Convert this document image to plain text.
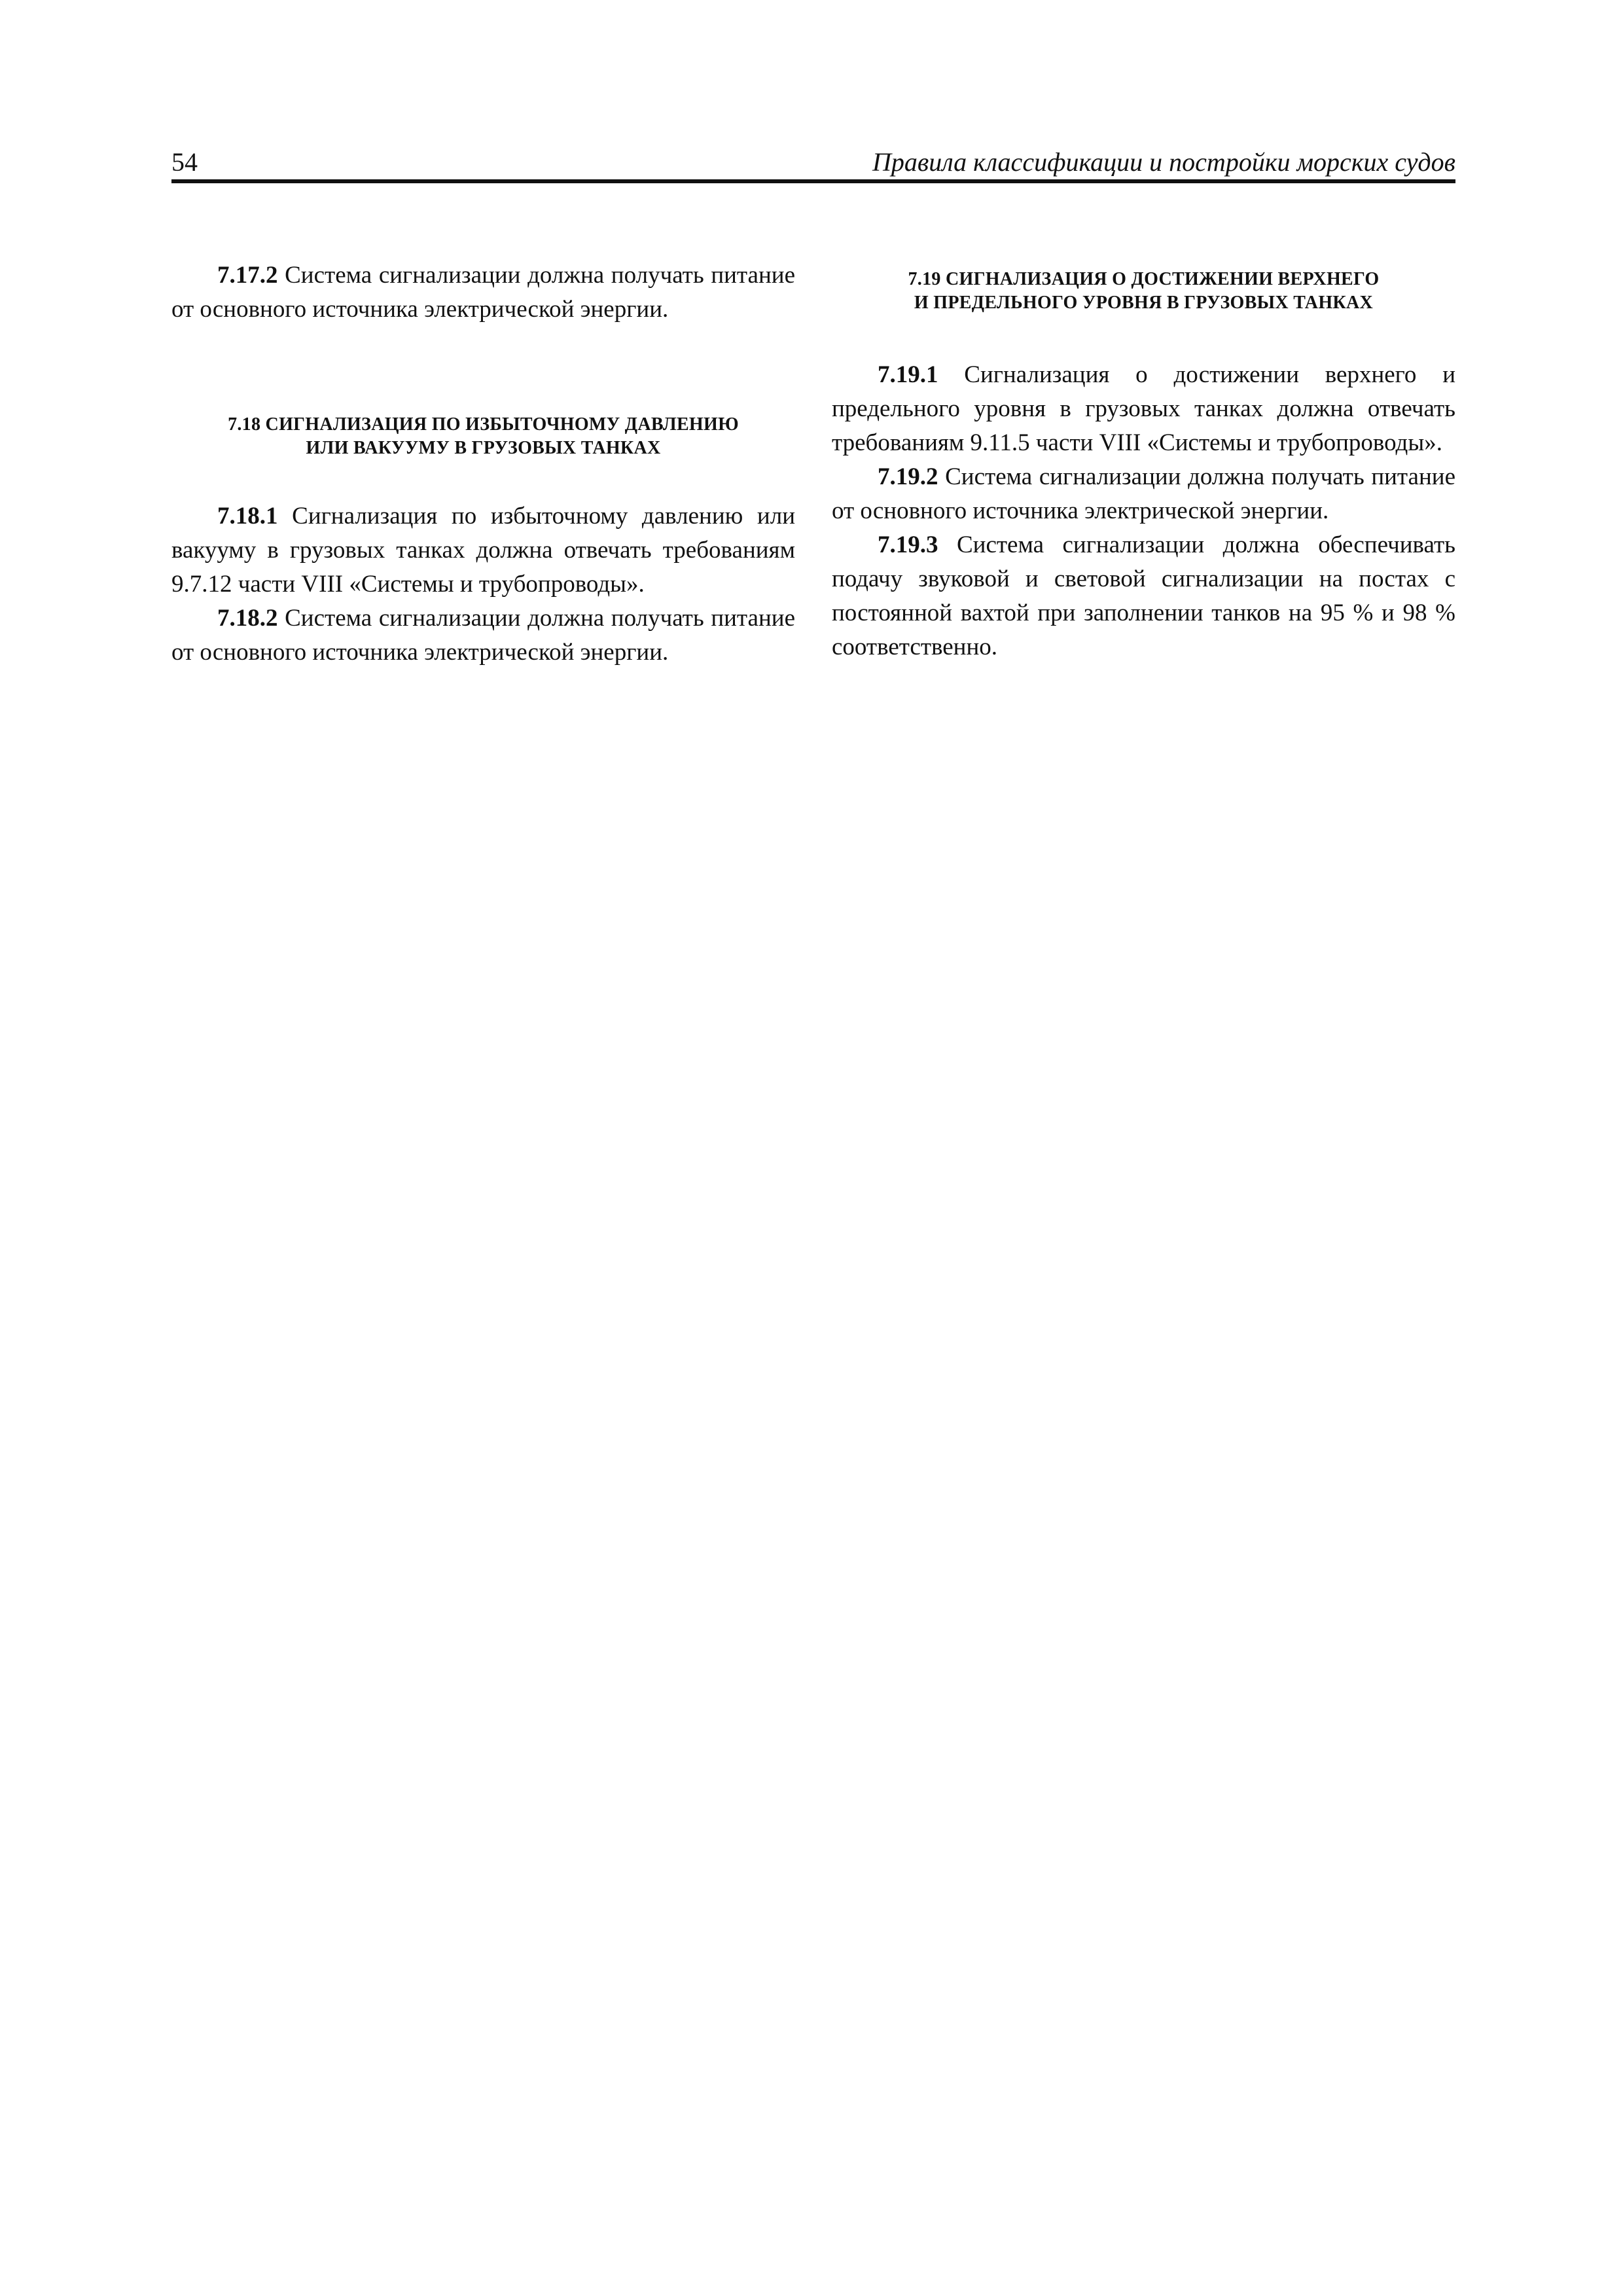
54	Правила классификации и постройки морских судов

7.17.2 Система сигнализации должна получать питание от основного источника электрической энергии.

7.18 СИГНАЛИЗАЦИЯ ПО ИЗБЫТОЧНОМУ ДАВЛЕНИЮ
ИЛИ ВАКУУМУ В ГРУЗОВЫХ ТАНКАХ

7.18.1 Сигнализация по избыточному давлению или вакууму в грузовых танках должна отвечать требованиям 9.7.12 части VIII «Системы и трубопроводы».

7.18.2 Система сигнализации должна получать питание от основного источника электрической энергии.

7.19 СИГНАЛИЗАЦИЯ О ДОСТИЖЕНИИ ВЕРХНЕГО
И ПРЕДЕЛЬНОГО УРОВНЯ В ГРУЗОВЫХ ТАНКАХ

7.19.1 Сигнализация о достижении верхнего и предельного уровня в грузовых танках должна отвечать требованиям 9.11.5 части VIII «Системы и трубопроводы».

7.19.2 Система сигнализации должна получать питание от основного источника электрической энергии.

7.19.3 Система сигнализации должна обеспечивать подачу звуковой и световой сигнализации на постах с постоянной вахтой при заполнении танков на 95 % и 98 % соответственно.
